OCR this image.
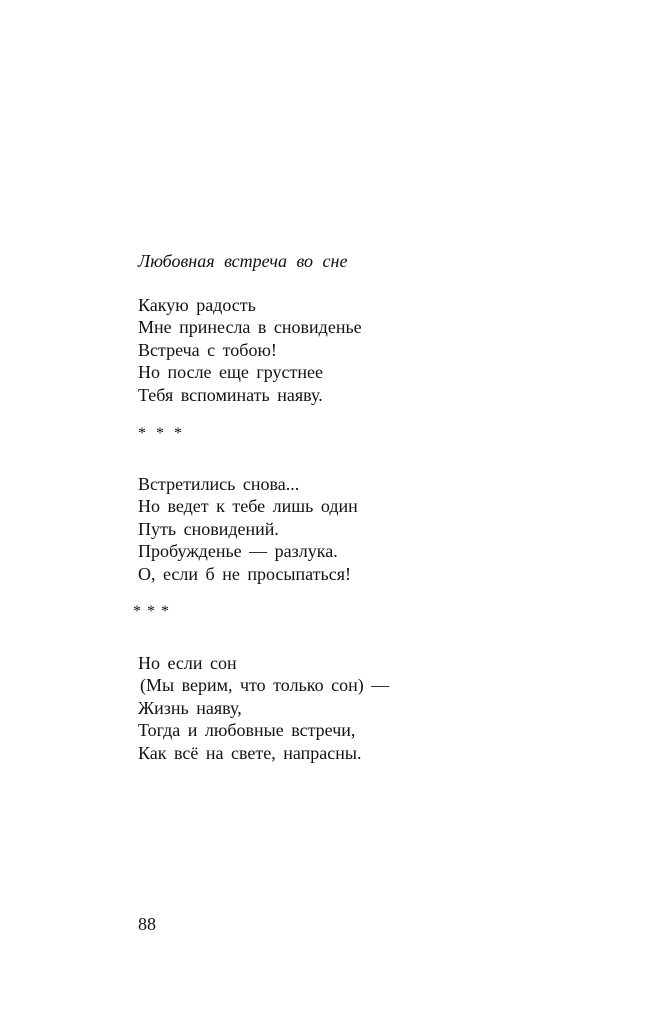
Любовная встреча во сне
Какую радость
Мне принесла в сновиденье
Встреча с тобою!
Но после еще грустнее
Тебя вспоминать наяву.
* * *
Встретились снова...
Но ведет к тебе лишь один
Путь сновидений.
Пробужденье — разлука.
О, если б не просыпаться!
* * *
Но если сон
(Мы верим, что только сон) —
Жизнь наяву,
Тогда и любовные встречи,
Как всё на свете, напрасны.
88
